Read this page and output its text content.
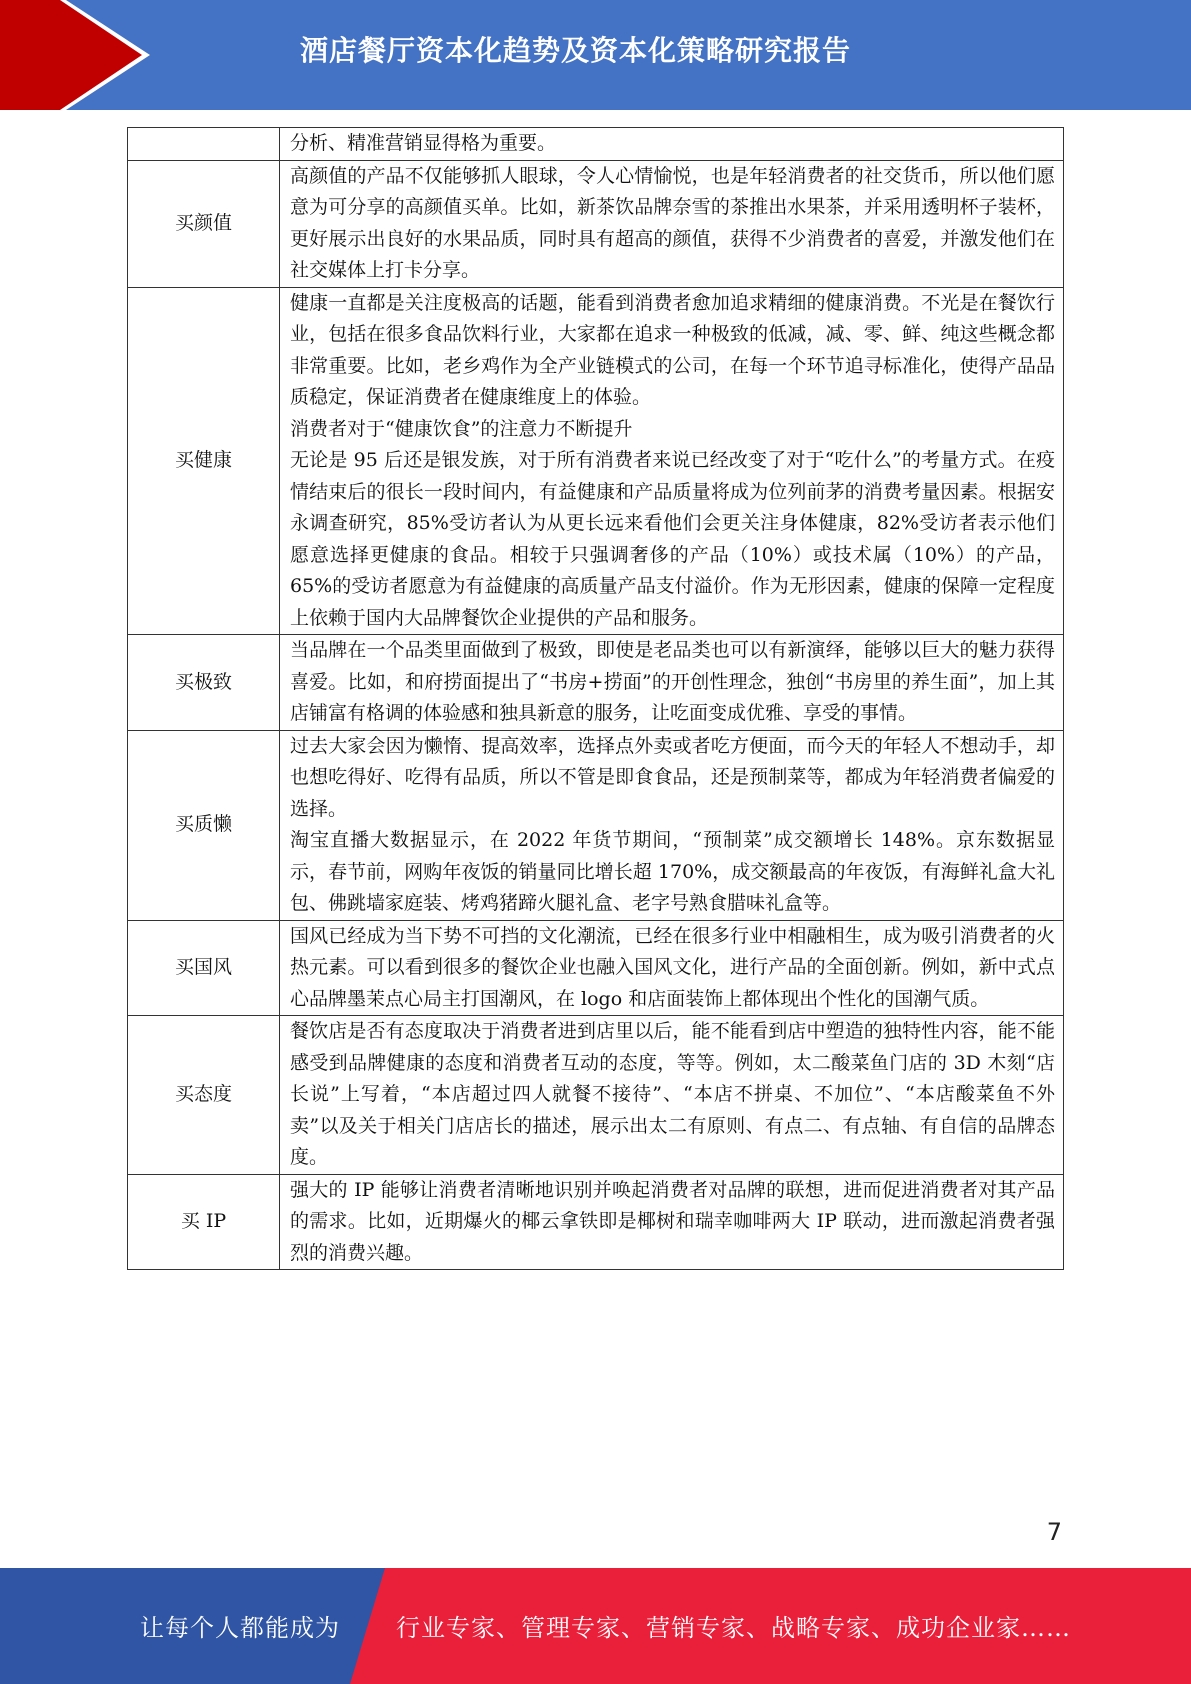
酒店餐厅资本化趋势及资本化策略研究报告

	分析、精准营销显得格为重要。

买颜值	高颜值的产品不仅能够抓人眼球，令人心情愉悦，也是年轻消费者的社交货币，所以他们愿意为可分享的高颜值买单。比如，新茶饮品牌奈雪的茶推出水果茶，并采用透明杯子装杯，更好展示出良好的水果品质，同时具有超高的颜值，获得不少消费者的喜爱，并激发他们在社交媒体上打卡分享。

买健康	健康一直都是关注度极高的话题，能看到消费者愈加追求精细的健康消费。不光是在餐饮行业，包括在很多食品饮料行业，大家都在追求一种极致的低减，减、零、鲜、纯这些概念都非常重要。比如，老乡鸡作为全产业链模式的公司，在每一个环节追寻标准化，使得产品品质稳定，保证消费者在健康维度上的体验。
消费者对于“健康饮食”的注意力不断提升
无论是 95 后还是银发族，对于所有消费者来说已经改变了对于“吃什么”的考量方式。在疫情结束后的很长一段时间内，有益健康和产品质量将成为位列前茅的消费考量因素。根据安永调查研究，85%受访者认为从更长远来看他们会更关注身体健康，82%受访者表示他们愿意选择更健康的食品。相较于只强调奢侈的产品（10%）或技术属（10%）的产品，65%的受访者愿意为有益健康的高质量产品支付溢价。作为无形因素，健康的保障一定程度上依赖于国内大品牌餐饮企业提供的产品和服务。

买极致	当品牌在一个品类里面做到了极致，即使是老品类也可以有新演绎，能够以巨大的魅力获得喜爱。比如，和府捞面提出了“书房+捞面”的开创性理念，独创“书房里的养生面”，加上其店铺富有格调的体验感和独具新意的服务，让吃面变成优雅、享受的事情。

买质懒	过去大家会因为懒惰、提高效率，选择点外卖或者吃方便面，而今天的年轻人不想动手，却也想吃得好、吃得有品质，所以不管是即食食品，还是预制菜等，都成为年轻消费者偏爱的选择。
淘宝直播大数据显示，在 2022 年货节期间，“预制菜”成交额增长 148%。京东数据显示，春节前，网购年夜饭的销量同比增长超 170%，成交额最高的年夜饭，有海鲜礼盒大礼包、佛跳墙家庭装、烤鸡猪蹄火腿礼盒、老字号熟食腊味礼盒等。

买国风	国风已经成为当下势不可挡的文化潮流，已经在很多行业中相融相生，成为吸引消费者的火热元素。可以看到很多的餐饮企业也融入国风文化，进行产品的全面创新。例如，新中式点心品牌墨茉点心局主打国潮风，在 logo 和店面装饰上都体现出个性化的国潮气质。

买态度	餐饮店是否有态度取决于消费者进到店里以后，能不能看到店中塑造的独特性内容，能不能感受到品牌健康的态度和消费者互动的态度，等等。例如，太二酸菜鱼门店的 3D 木刻“店长说”上写着，“本店超过四人就餐不接待”、“本店不拼桌、不加位”、“本店酸菜鱼不外卖”以及关于相关门店店长的描述，展示出太二有原则、有点二、有点轴、有自信的品牌态度。

买 IP	强大的 IP 能够让消费者清晰地识别并唤起消费者对品牌的联想，进而促进消费者对其产品的需求。比如，近期爆火的椰云拿铁即是椰树和瑞幸咖啡两大 IP 联动，进而激起消费者强烈的消费兴趣。
7
让每个人都能成为 行业专家、管理专家、营销专家、战略专家、成功企业家……
